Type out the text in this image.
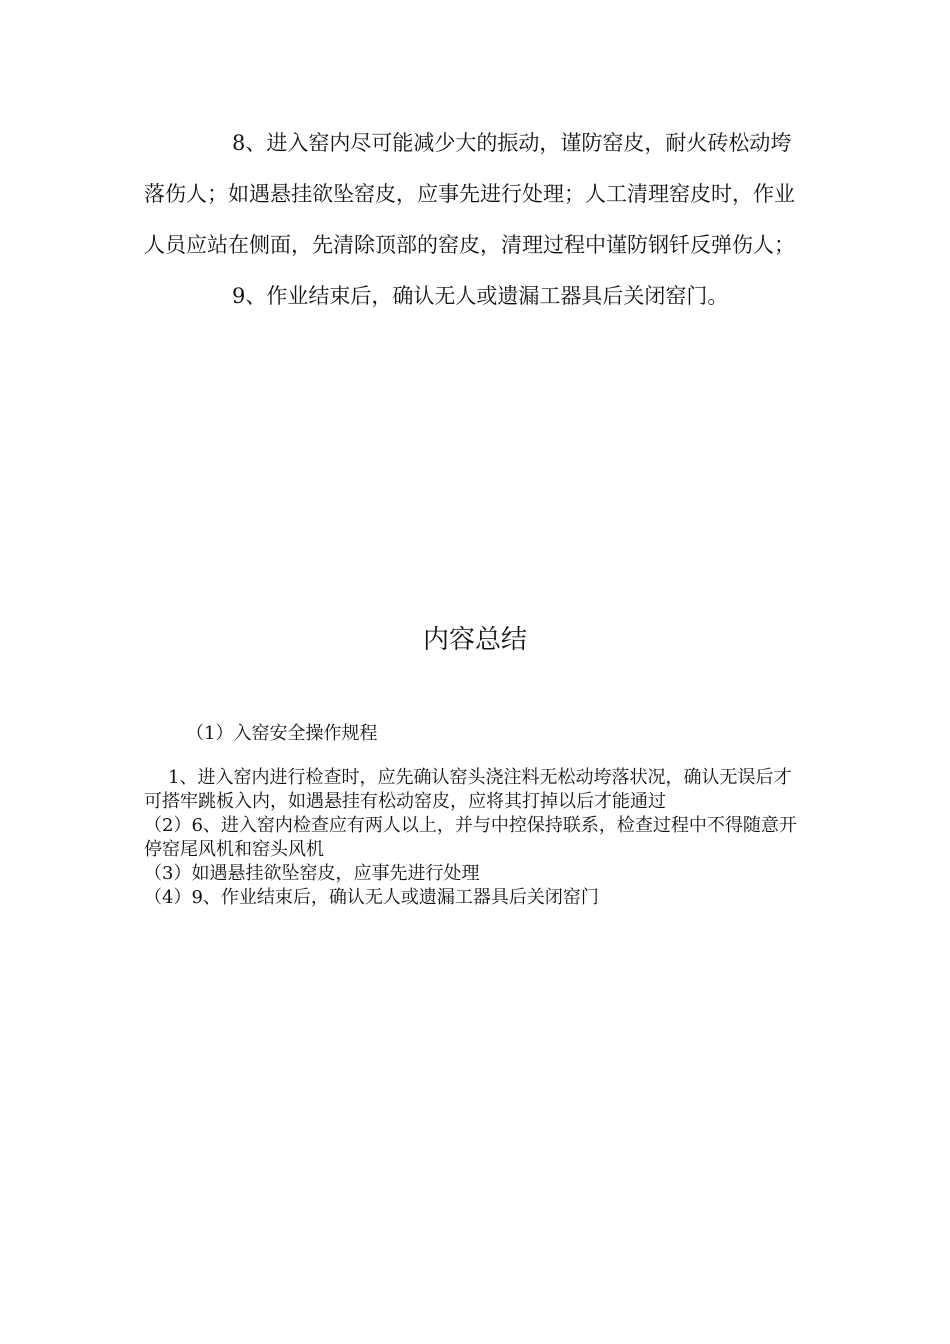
8、进入窑内尽可能减少大的振动，谨防窑皮，耐火砖松动垮落伤人；如遇悬挂欲坠窑皮，应事先进行处理；人工清理窑皮时，作业人员应站在侧面，先清除顶部的窑皮，清理过程中谨防钢钎反弹伤人；

9、作业结束后，确认无人或遗漏工器具后关闭窑门。

内容总结

（1）入窑安全操作规程

1、进入窑内进行检查时，应先确认窑头浇注料无松动垮落状况，确认无误后才可搭牢跳板入内，如遇悬挂有松动窑皮，应将其打掉以后才能通过

（2）6、进入窑内检查应有两人以上，并与中控保持联系，检查过程中不得随意开停窑尾风机和窑头风机

（3）如遇悬挂欲坠窑皮，应事先进行处理

（4）9、作业结束后，确认无人或遗漏工器具后关闭窑门
